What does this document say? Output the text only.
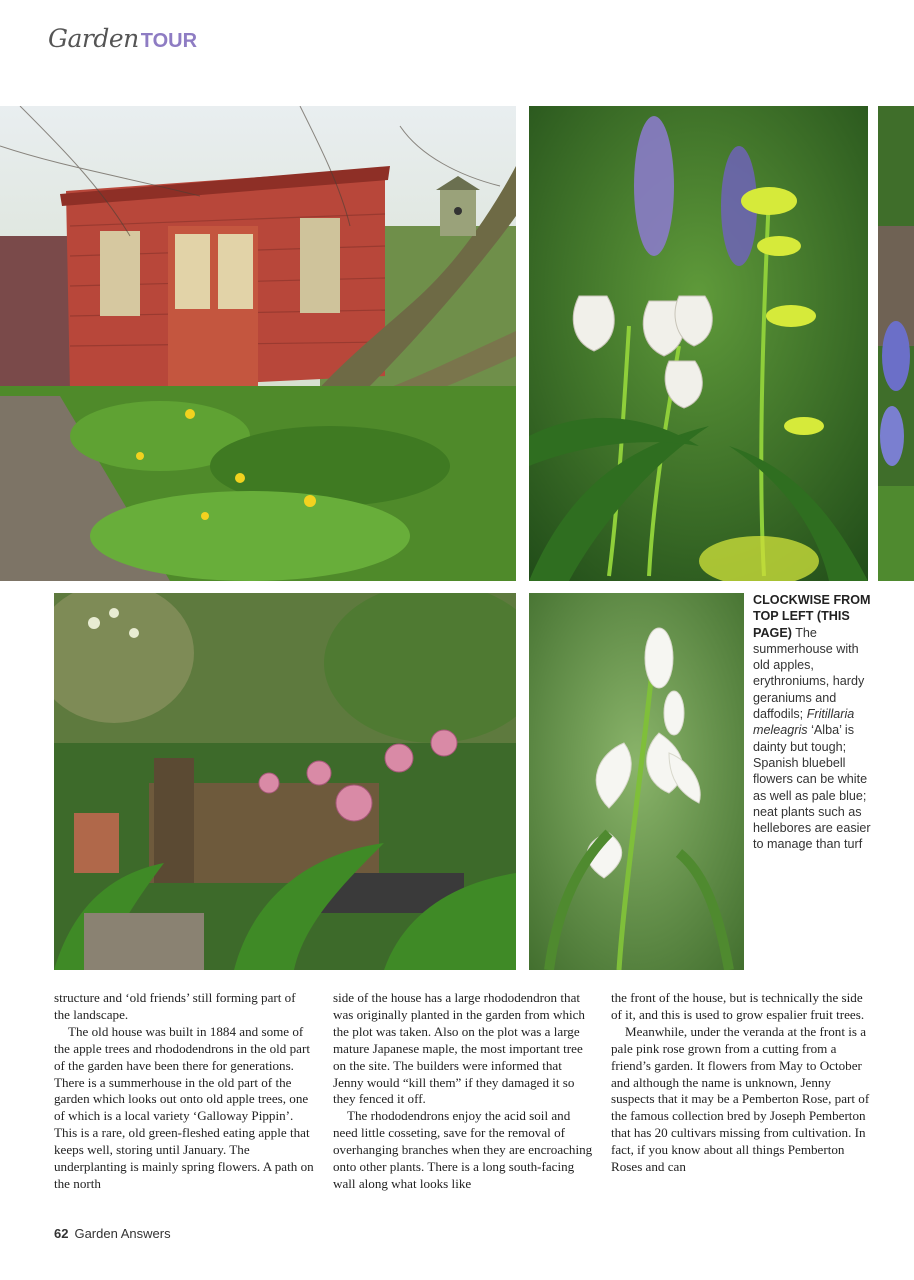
Garden TOUR
CLOCKWISE FROM TOP LEFT (THIS PAGE) The summerhouse with old apples, erythroniums, hardy geraniums and daffodils; Fritillaria meleagris ‘Alba’ is dainty but tough; Spanish bluebell flowers can be white as well as pale blue; neat plants such as hellebores are easier to manage than turf

structure and ‘old friends’ still forming part of the landscape.

The old house was built in 1884 and some of the apple trees and rhododendrons in the old part of the garden have been there for generations. There is a summerhouse in the old part of the garden which looks out onto old apple trees, one of which is a local variety ‘Galloway Pippin’. This is a rare, old green-fleshed eating apple that keeps well, storing until January. The underplanting is mainly spring flowers. A path on the north

side of the house has a large rhododendron that was originally planted in the garden from which the plot was taken. Also on the plot was a large mature Japanese maple, the most important tree on the site. The builders were informed that Jenny would “kill them” if they damaged it so they fenced it off.

The rhododendrons enjoy the acid soil and need little cosseting, save for the removal of overhanging branches when they are encroaching onto other plants. There is a long south-facing wall along what looks like

the front of the house, but is technically the side of it, and this is used to grow espalier fruit trees.

Meanwhile, under the veranda at the front is a pale pink rose grown from a cutting from a friend’s garden. It flowers from May to October and although the name is unknown, Jenny suspects that it may be a Pemberton Rose, part of the famous collection bred by Joseph Pemberton that has 20 cultivars missing from cultivation. In fact, if you know about all things Pemberton Roses and can

62 Garden Answers
